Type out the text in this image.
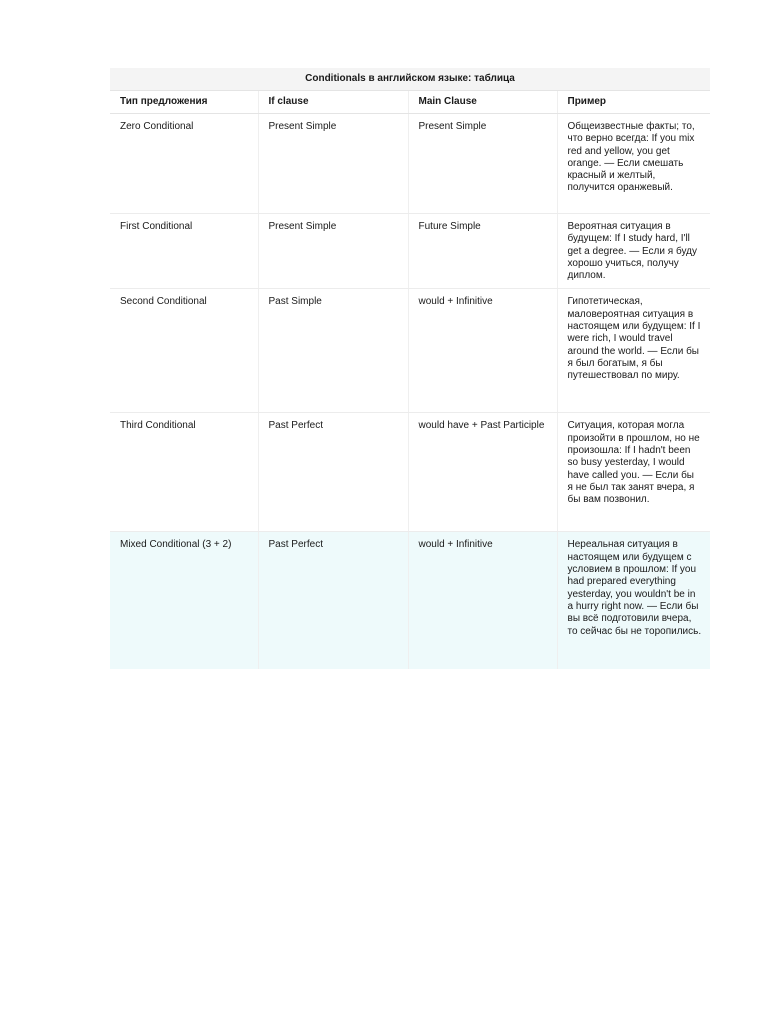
Conditionals в английском языке: таблица			
Тип предложения	If clause	Main Clause	Пример
Zero Conditional	Present Simple	Present Simple	Общеизвестные факты; то, что верно всегда: If you mix red and yellow, you get orange. — Если смешать красный и желтый, получится оранжевый.
First Conditional	Present Simple	Future Simple	Вероятная ситуация в будущем: If I study hard, I'll get a degree. — Если я буду хорошо учиться, получу диплом.
Second Conditional	Past Simple	would + Infinitive	Гипотетическая, маловероятная ситуация в настоящем или будущем: If I were rich, I would travel around the world. — Если бы я был богатым, я бы путешествовал по миру.
Third Conditional	Past Perfect	would have + Past Participle	Ситуация, которая могла произойти в прошлом, но не произошла: If I hadn't been so busy yesterday, I would have called you. — Если бы я не был так занят вчера, я бы вам позвонил.
Mixed Conditional (3 + 2)	Past Perfect	would + Infinitive	Нереальная ситуация в настоящем или будущем с условием в прошлом: If you had prepared everything yesterday, you wouldn't be in a hurry right now. — Если бы вы всё подготовили вчера, то сейчас бы не торопились.
